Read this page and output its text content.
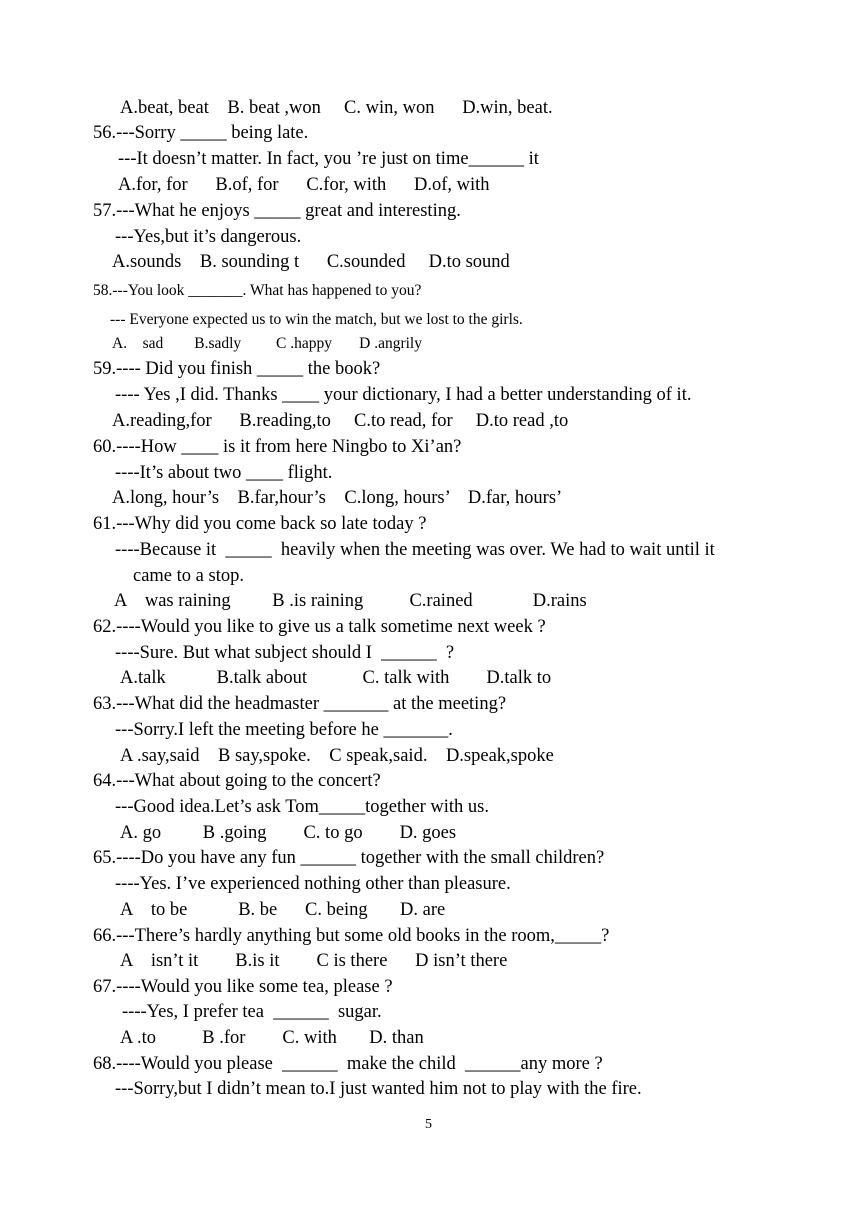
A.beat, beat    B. beat ,won     C. win, won      D.win, beat.
56.---Sorry _____ being late.
---It doesn’t matter. In fact, you ’re just on time______ it
A.for, for      B.of, for      C.for, with      D.of, with
57.---What he enjoys _____ great and interesting.
---Yes,but it’s dangerous.
A.sounds    B. sounding t      C.sounded     D.to sound
58.---You look _______. What has happened to you?
--- Everyone expected us to win the match, but we lost to the girls.
A.    sad        B.sadly         C .happy       D .angrily
59.---- Did you finish _____ the book?
---- Yes ,I did. Thanks ____ your dictionary, I had a better understanding of it.
A.reading,for      B.reading,to     C.to read, for     D.to read ,to
60.----How ____ is it from here Ningbo to Xi’an?
----It’s about two ____ flight.
A.long, hour’s    B.far,hour’s    C.long, hours’    D.far, hours’
61.---Why did you come back so late today ?
----Because it  _____  heavily when the meeting was over. We had to wait until it
came to a stop.
A    was raining         B .is raining          C.rained             D.rains
62.----Would you like to give us a talk sometime next week ?
----Sure. But what subject should I  ______  ?
A.talk           B.talk about            C. talk with        D.talk to
63.---What did the headmaster _______ at the meeting?
---Sorry.I left the meeting before he _______.
A .say,said    B say,spoke.    C speak,said.    D.speak,spoke
64.---What about going to the concert?
---Good idea.Let’s ask Tom_____together with us.
A. go         B .going        C. to go        D. goes
65.----Do you have any fun ______ together with the small children?
----Yes. I’ve experienced nothing other than pleasure.
A    to be           B. be      C. being       D. are
66.---There’s hardly anything but some old books in the room,_____?
A    isn’t it        B.is it        C is there      D isn’t there
67.----Would you like some tea, please ?
----Yes, I prefer tea  ______  sugar.
A .to          B .for        C. with       D. than
68.----Would you please  ______  make the child  ______any more ?
---Sorry,but I didn’t mean to.I just wanted him not to play with the fire.
5
